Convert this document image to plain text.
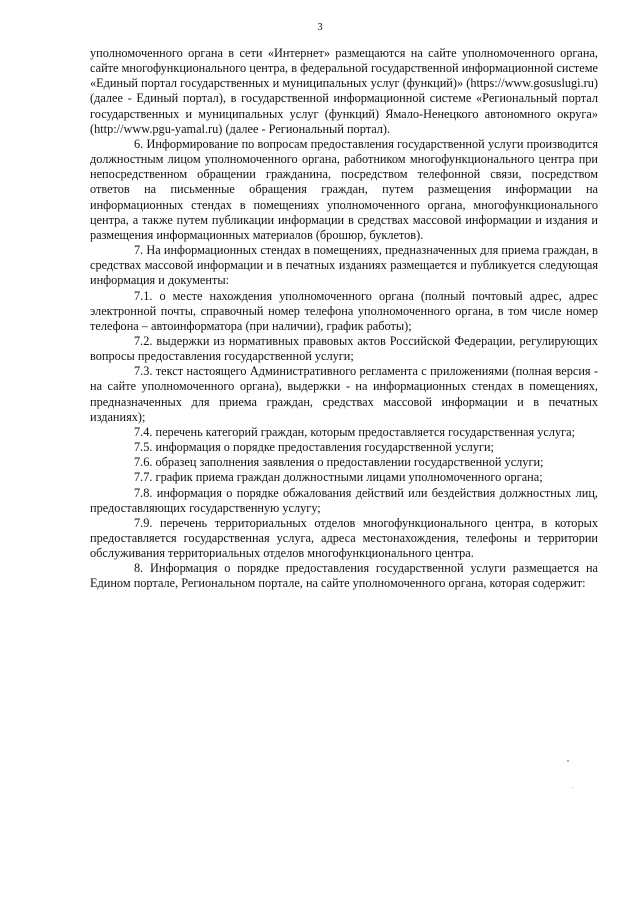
3

уполномоченного органа в сети «Интернет» размещаются на сайте уполномоченного органа, сайте многофункционального центра, в федеральной государственной информационной системе «Единый портал государственных и муниципальных услуг (функций)» (https://www.gosuslugi.ru) (далее - Единый портал), в государственной информационной системе «Региональный портал государственных и муниципальных услуг (функций) Ямало-Ненецкого автономного округа» (http://www.pgu-yamal.ru) (далее - Региональный портал).

6. Информирование по вопросам предоставления государственной услуги производится должностным лицом уполномоченного органа, работником многофункционального центра при непосредственном обращении гражданина, посредством телефонной связи, посредством ответов на письменные обращения граждан, путем размещения информации на информационных стендах в помещениях уполномоченного органа, многофункционального центра, а также путем публикации информации в средствах массовой информации и издания и размещения информационных материалов (брошюр, буклетов).

7. На информационных стендах в помещениях, предназначенных для приема граждан, в средствах массовой информации и в печатных изданиях размещается и публикуется следующая информация и документы:

7.1. о месте нахождения уполномоченного органа (полный почтовый адрес, адрес электронной почты, справочный номер телефона уполномоченного органа, в том числе номер телефона – автоинформатора (при наличии), график работы);

7.2. выдержки из нормативных правовых актов Российской Федерации, регулирующих вопросы предоставления государственной услуги;

7.3. текст настоящего Административного регламента с приложениями (полная версия - на сайте уполномоченного органа), выдержки - на информационных стендах в помещениях, предназначенных для приема граждан, средствах массовой информации и в печатных изданиях);

7.4. перечень категорий граждан, которым предоставляется государственная услуга;

7.5. информация о порядке предоставления государственной услуги;

7.6. образец заполнения заявления о предоставлении государственной услуги;

7.7. график приема граждан должностными лицами уполномоченного органа;

7.8. информация о порядке обжалования действий или бездействия должностных лиц, предоставляющих государственную услугу;

7.9. перечень территориальных отделов многофункционального центра, в которых предоставляется государственная услуга, адреса местонахождения, телефоны и территории обслуживания территориальных отделов многофункционального центра.

8. Информация о порядке предоставления государственной услуги размещается на Едином портале, Региональном портале, на сайте уполномоченного органа, которая содержит:
